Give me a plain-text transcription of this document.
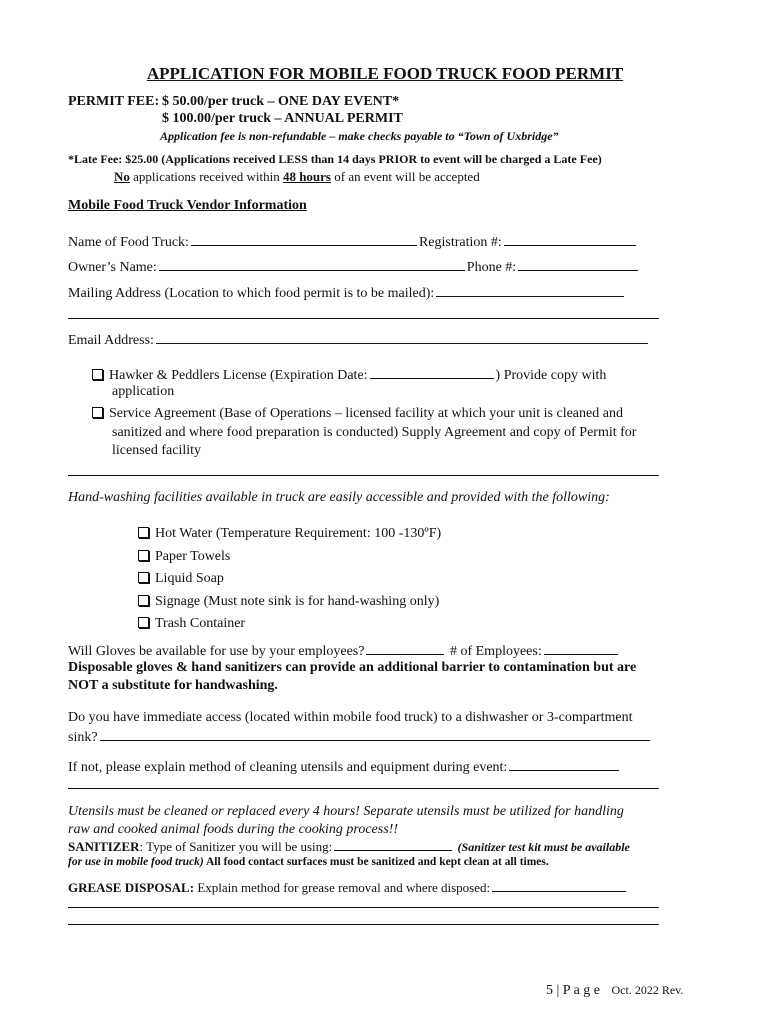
APPLICATION FOR MOBILE FOOD TRUCK FOOD PERMIT
PERMIT FEE: $ 50.00/per truck – ONE DAY EVENT*
$ 100.00/per truck – ANNUAL PERMIT
Application fee is non-refundable – make checks payable to “Town of Uxbridge”
*Late Fee: $25.00 (Applications received LESS than 14 days PRIOR to event will be charged a Late Fee)
No applications received within 48 hours of an event will be accepted
Mobile Food Truck Vendor Information
Name of Food Truck:	Registration #:
Owner’s Name:	Phone #:
Mailing Address (Location to which food permit is to be mailed):
Email Address:
Hawker & Peddlers License (Expiration Date:	) Provide copy with
application
Service Agreement (Base of Operations – licensed facility at which your unit is cleaned and
sanitized and where food preparation is conducted) Supply Agreement and copy of Permit for
licensed facility
Hand-washing facilities available in truck are easily accessible and provided with the following:
Hot Water (Temperature Requirement: 100 -130ºF)
Paper Towels
Liquid Soap
Signage (Must note sink is for hand-washing only)
Trash Container
Will Gloves be available for use by your employees?	# of Employees:
Disposable gloves & hand sanitizers can provide an additional barrier to contamination but are
NOT a substitute for handwashing.
Do you have immediate access (located within mobile food truck) to a dishwasher or 3-compartment
sink?
If not, please explain method of cleaning utensils and equipment during event:
Utensils must be cleaned or replaced every 4 hours! Separate utensils must be utilized for handling
raw and cooked animal foods during the cooking process!!
SANITIZER: Type of Sanitizer you will be using:	(Sanitizer test kit must be available
for use in mobile food truck) All food contact surfaces must be sanitized and kept clean at all times.
GREASE DISPOSAL: Explain method for grease removal and where disposed:
5 | P a g e Oct. 2022 Rev.
